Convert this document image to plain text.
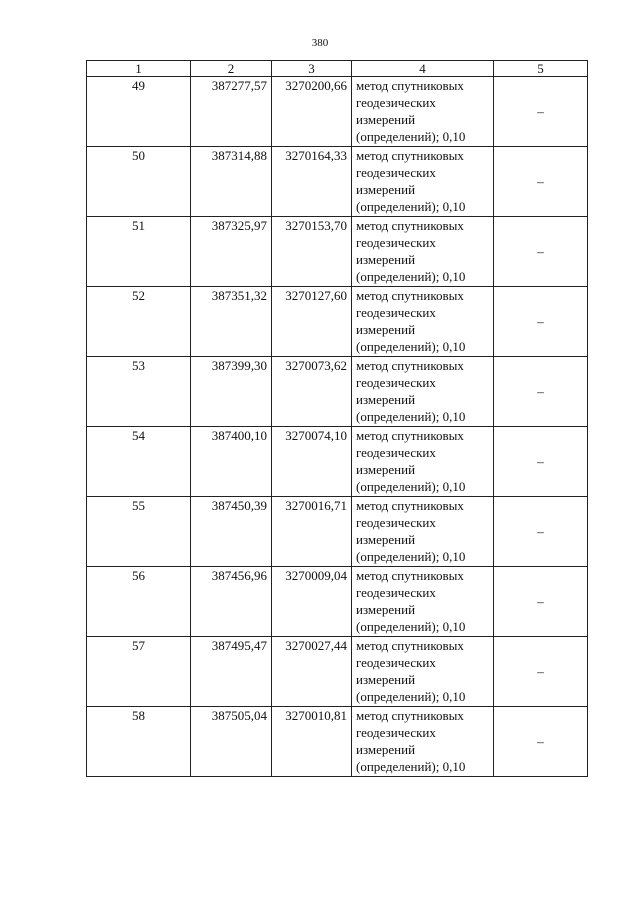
380
1	2	3	4	5
49	387277,57	3270200,66	метод спутниковых
геодезических
измерений
(определений); 0,10	–
50	387314,88	3270164,33	метод спутниковых
геодезических
измерений
(определений); 0,10	–
51	387325,97	3270153,70	метод спутниковых
геодезических
измерений
(определений); 0,10	–
52	387351,32	3270127,60	метод спутниковых
геодезических
измерений
(определений); 0,10	–
53	387399,30	3270073,62	метод спутниковых
геодезических
измерений
(определений); 0,10	–
54	387400,10	3270074,10	метод спутниковых
геодезических
измерений
(определений); 0,10	–
55	387450,39	3270016,71	метод спутниковых
геодезических
измерений
(определений); 0,10	–
56	387456,96	3270009,04	метод спутниковых
геодезических
измерений
(определений); 0,10	–
57	387495,47	3270027,44	метод спутниковых
геодезических
измерений
(определений); 0,10	–
58	387505,04	3270010,81	метод спутниковых
геодезических
измерений
(определений); 0,10	–
